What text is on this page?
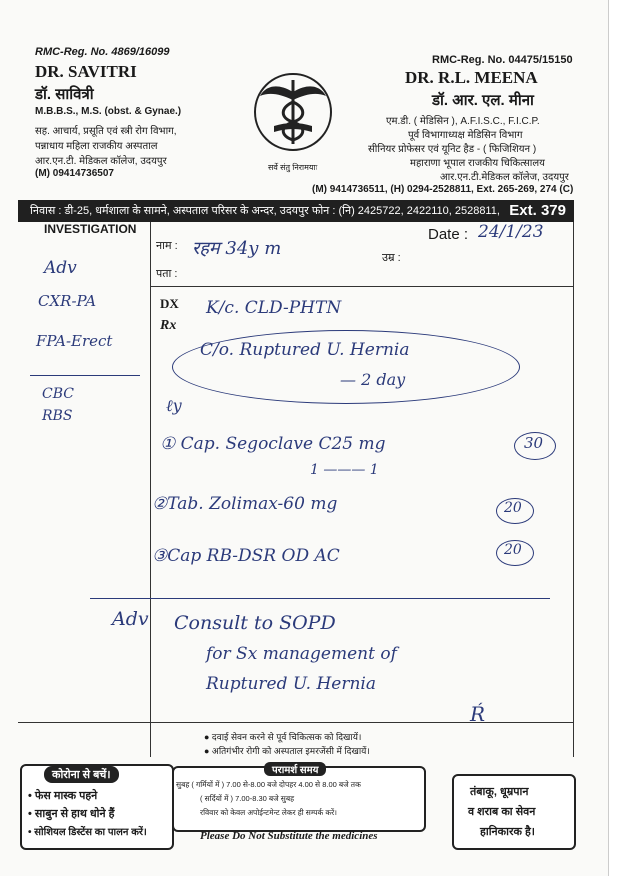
RMC-Reg. No. 4869/16099
DR. SAVITRI
डॉ. सावित्री
M.B.B.S., M.S. (obst. & Gynae.)
सह. आचार्य, प्रसूति एवं स्त्री रोग विभाग,
पन्नाधाय महिला राजकीय अस्पताल
आर.एन.टी. मेडिकल कॉलेज, उदयपुर
(M) 09414736507
सर्वे संतु निरामयाः
RMC-Reg. No. 04475/15150
DR. R.L. MEENA
डॉ. आर. एल. मीना
एम.डी. ( मेडिसिन ), A.F.I.S.C., F.I.C.P.
पूर्व विभागाध्यक्ष मेडिसिन विभाग
सीनियर प्रोफेसर एवं यूनिट हैड - ( फिजिशियन )
महाराणा भूपाल राजकीय चिकित्सालय
आर.एन.टी.मेडिकल कॉलेज, उदयपुर
(M) 9414736511, (H) 0294-2528811, Ext. 265-269, 274 (C)
निवास : डी-25, धर्मशाला के सामने, अस्पताल परिसर के अन्दर, उदयपुर फोन : (नि) 2425722, 2422110, 2528811, Ext. 379
INVESTIGATION
नाम :
उम्र :
पता :
Date :
DX
Rx
रहम 34y m
24/1/23
Adv
CXR-PA
FPA-Erect
CBC
RBS
K/c. CLD-PHTN
C/o. Ruptured U. Hernia
— 2 day
ℓy
① Cap. Segoclave C25 mg
1 ——— 1
30
②Tab. Zolimax-60 mg	20
③Cap RB-DSR OD AC	20
Adv Consult to SOPD
for Sx management of
Ruptured U. Hernia
Ŕ
● दवाई सेवन करने से पूर्व चिकित्सक को दिखायें।
● अतिगंभीर रोगी को अस्पताल इमरजेंसी में दिखायें।
कोरोना से बचें।
• फेस मास्क पहने
• साबुन से हाथ धोने हैं
• सोशियल डिस्टेंस का पालन करें।
परामर्श समय
सुबह ( गर्मियों में ) 7.00 से-8.00 बजे दोपहर 4.00 से 8.00 बजे तक
( सर्दियों में ) 7.00-8.30 बजे सुबह
रविवार को केवल अपोईन्टमेन्ट लेकर ही सम्पर्क करें।
तंबाकू, धूम्रपान
व शराब का सेवन
हानिकारक है।
Please Do Not Substitute the medicines
